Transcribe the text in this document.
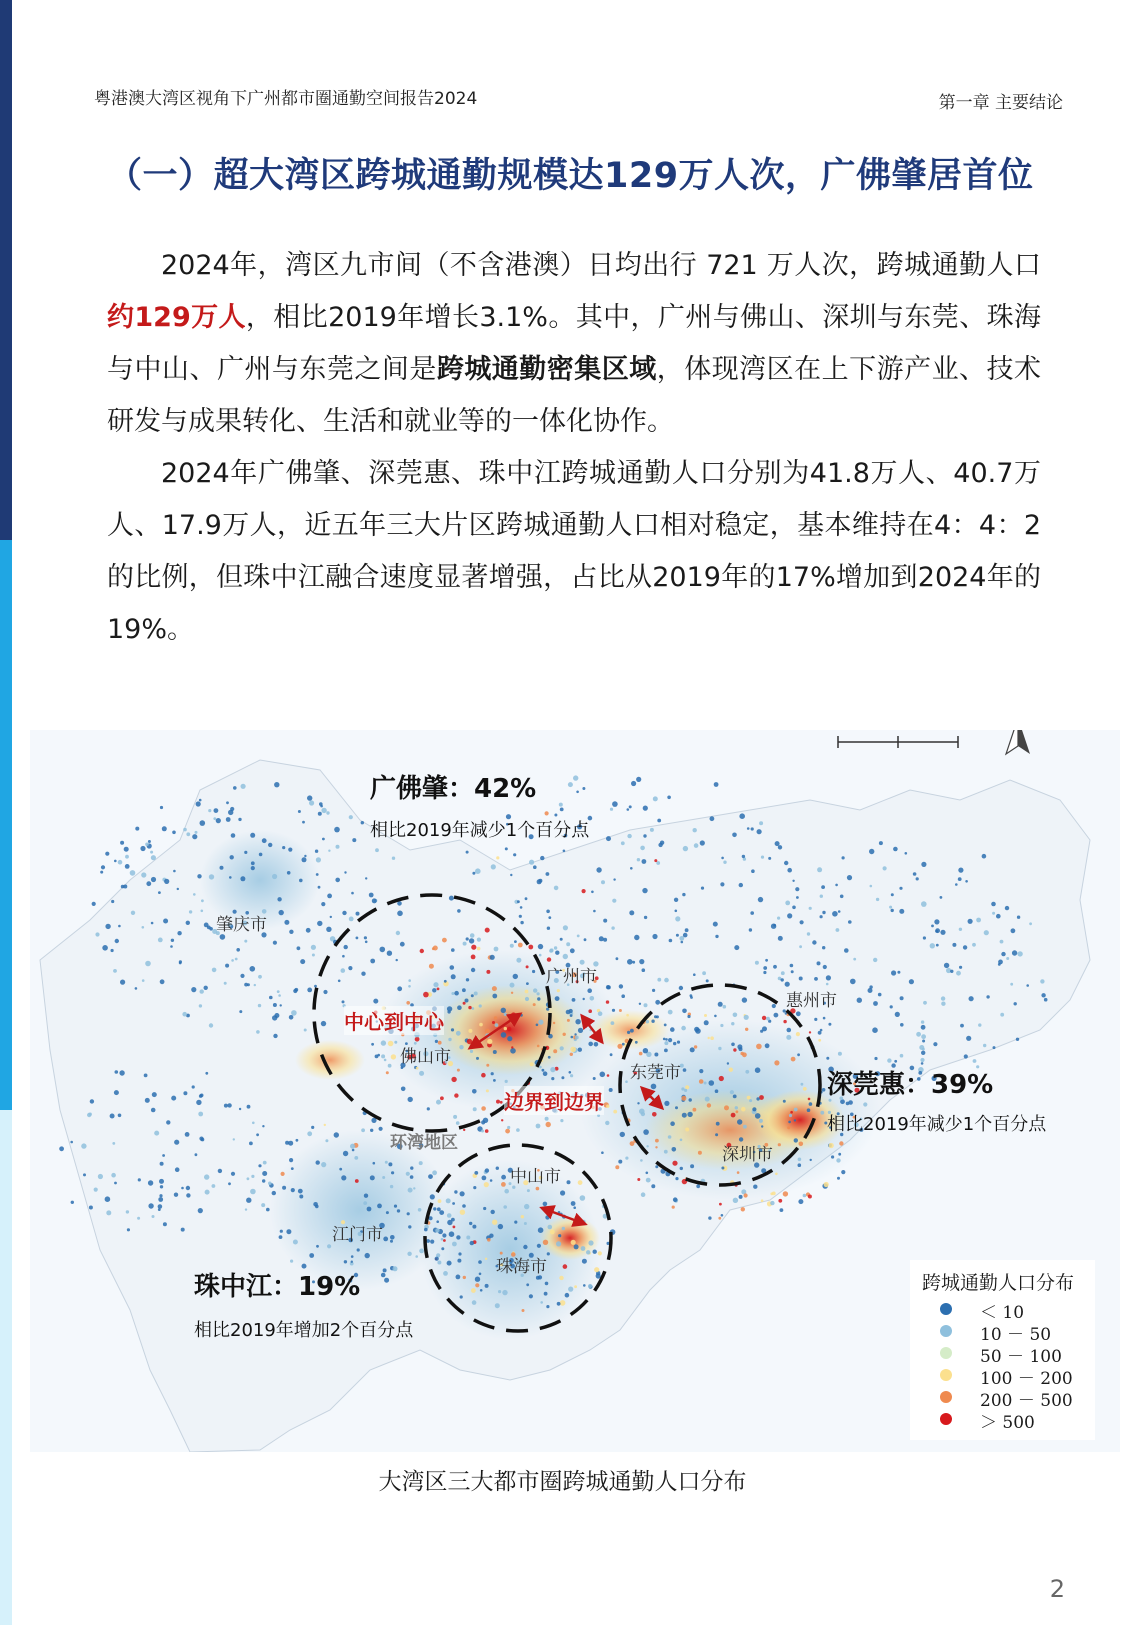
粤港澳大湾区视角下广州都市圈通勤空间报告2024	第一章 主要结论
（一）超大湾区跨城通勤规模达129万人次，广佛肇居首位

2024年，湾区九市间（不含港澳）日均出行 721 万人次，跨城通勤人口约129万人，相比2019年增长3.1%。其中，广州与佛山、深圳与东莞、珠海与中山、广州与东莞之间是跨城通勤密集区域，体现湾区在上下游产业、技术研发与成果转化、生活和就业等的一体化协作。

2024年广佛肇、深莞惠、珠中江跨城通勤人口分别为41.8万人、40.7万人、17.9万人，近五年三大片区跨城通勤人口相对稳定，基本维持在4：4：2的比例，但珠中江融合速度显著增强，占比从2019年的17%增加到2024年的19%。

广佛肇：42%
相比2019年减少1个百分点
深莞惠：39%
相比2019年减少1个百分点
珠中江：19%
相比2019年增加2个百分点
肇庆市
广州市
佛山市
惠州市
东莞市
深圳市
中山市
江门市
珠海市
环湾地区
中心到中心
边界到边界
跨城通勤人口分布
＜ 10
10 － 50
50 － 100
100 － 200
200 － 500
＞ 500
大湾区三大都市圈跨城通勤人口分布
2
